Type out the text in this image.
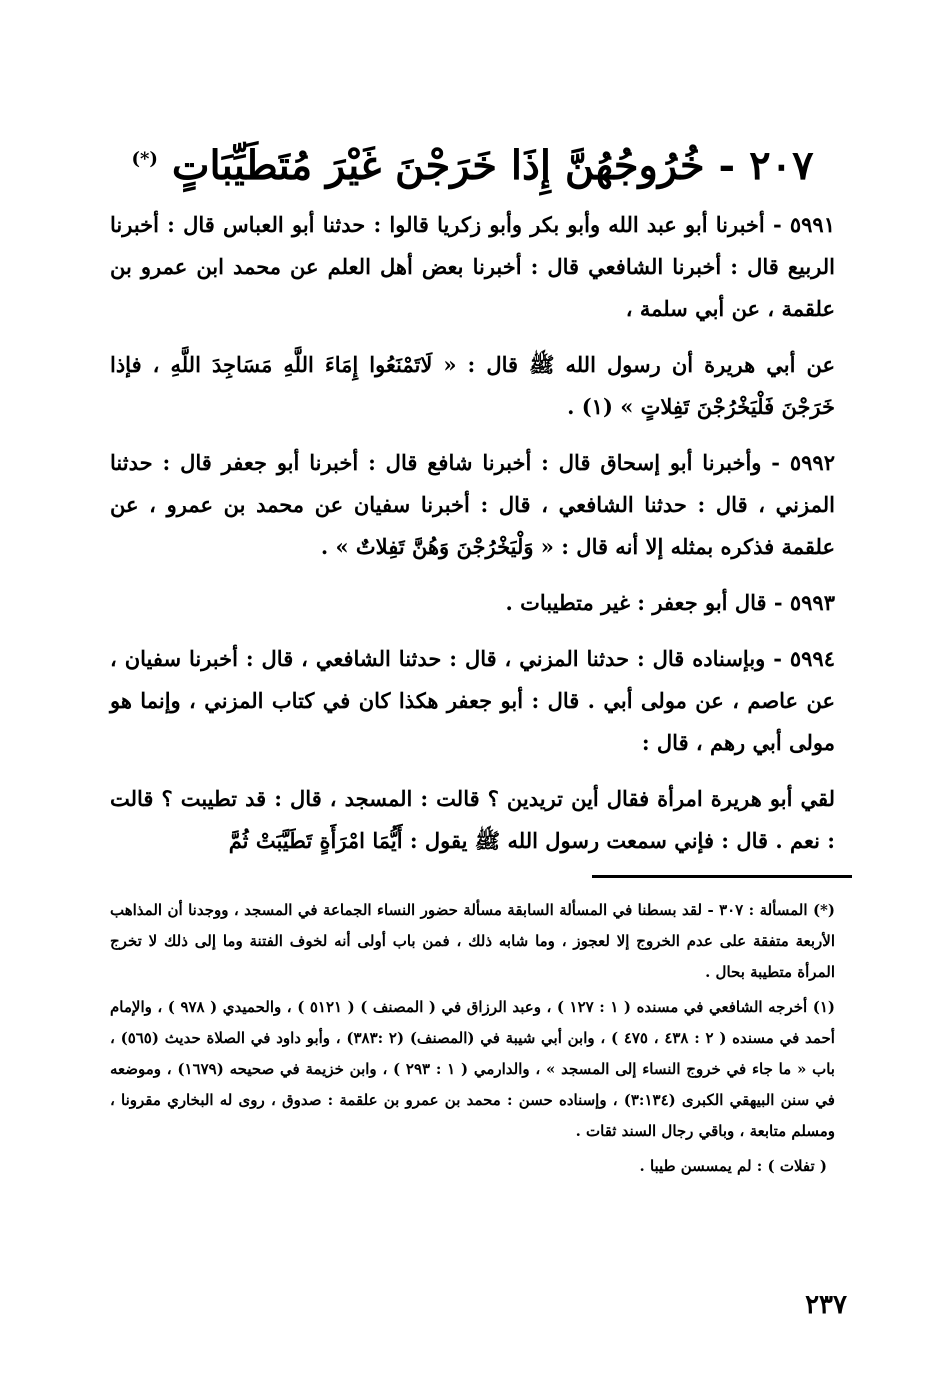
٢٠٧ - خُرُوجُهُنَّ إِذَا خَرَجْنَ غَيْرَ مُتَطَيِّبَاتٍ (*)

٥٩٩١ - أخبرنا أبو عبد الله وأبو بكر وأبو زكريا قالوا : حدثنا أبو العباس قال : أخبرنا الربيع قال : أخبرنا الشافعي قال : أخبرنا بعض أهل العلم عن محمد ابن عمرو بن علقمة ، عن أبي سلمة ،

عن أبي هريرة أن رسول الله ﷺ قال : « لَاتَمْنَعُوا إِمَاءَ اللَّهِ مَسَاجِدَ اللَّهِ ، فإذا خَرَجْنَ فَلْيَخْرُجْنَ تَفِلاتٍ » (١) .

٥٩٩٢ - وأخبرنا أبو إسحاق قال : أخبرنا شافع قال : أخبرنا أبو جعفر قال : حدثنا المزني ، قال : حدثنا الشافعي ، قال : أخبرنا سفيان عن محمد بن عمرو ، عن علقمة فذكره بمثله إلا أنه قال : « وَلْيَخْرُجْنَ وَهُنَّ تَفِلاتٌ » .

٥٩٩٣ - قال أبو جعفر : غير متطيبات .

٥٩٩٤ - وبإسناده قال : حدثنا المزني ، قال : حدثنا الشافعي ، قال : أخبرنا سفيان ، عن عاصم ، عن مولى أبي . قال : أبو جعفر هكذا كان في كتاب المزني ، وإنما هو مولى أبي رهم ، قال :

لقي أبو هريرة امرأة فقال أين تريدين ؟ قالت : المسجد ، قال : قد تطيبت ؟ قالت : نعم . قال : فإني سمعت رسول الله ﷺ يقول : أَيُّمَا امْرَأَةٍ تَطَيَّبَتْ ثُمَّ

(*) المسألة : ٣٠٧ - لقد بسطنا في المسألة السابقة مسألة حضور النساء الجماعة في المسجد ، ووجدنا أن المذاهب الأربعة متفقة على عدم الخروج إلا لعجوز ، وما شابه ذلك ، فمن باب أولى أنه لخوف الفتنة وما إلى ذلك لا تخرج المرأة متطيبة بحال .

(١) أخرجه الشافعي في مسنده ( ١ : ١٢٧ ) ، وعبد الرزاق في ( المصنف ) ( ٥١٢١ ) ، والحميدي ( ٩٧٨ ) ، والإمام أحمد في مسنده ( ٢ : ٤٣٨ ، ٤٧٥ ) ، وابن أبي شيبة في (المصنف) (٢ :٣٨٣) ، وأبو داود في الصلاة حديث (٥٦٥) ، باب « ما جاء في خروج النساء إلى المسجد » ، والدارمي ( ١ : ٢٩٣ ) ، وابن خزيمة في صحيحه (١٦٧٩) ، وموضعه في سنن البيهقي الكبرى (٣:١٣٤) ، وإسناده حسن : محمد بن عمرو بن علقمة : صدوق ، روى له البخاري مقرونا ، ومسلم متابعة ، وباقي رجال السند ثقات .

( تفلات ) : لم يمسسن طيبا .

٢٣٧
